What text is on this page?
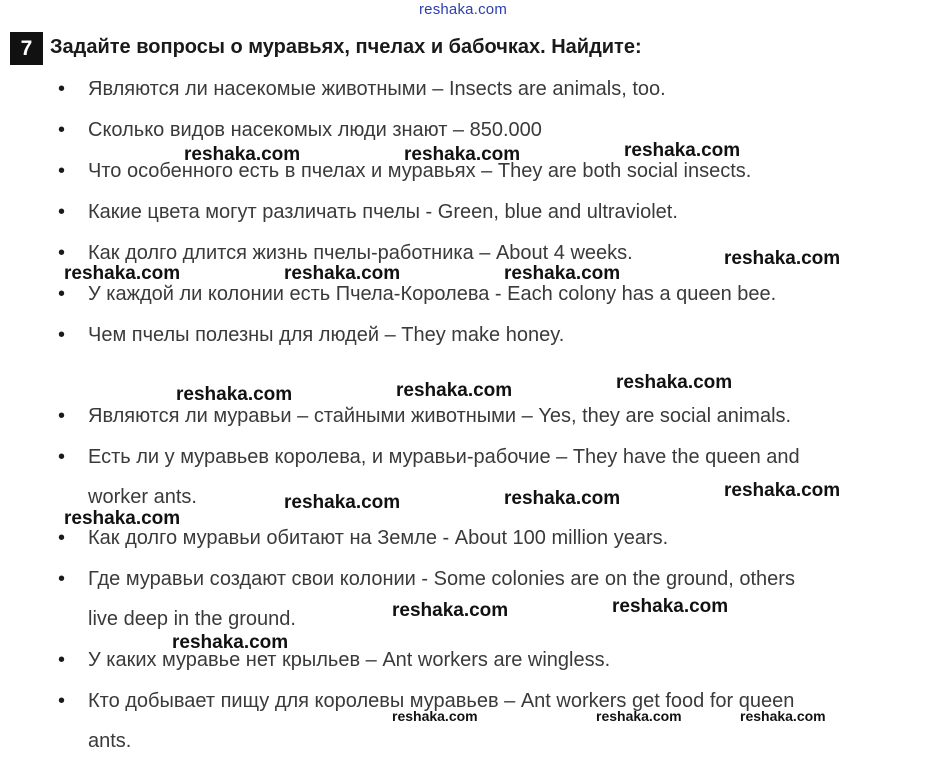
reshaka.com
7 Задайте вопросы о муравьях, пчелах и бабочках. Найдите:
• Являются ли насекомые животными – Insects are animals, too.
• Сколько видов насекомых люди знают – 850.000
• Что особенного есть в пчелах и муравьях – They are both social insects.
• Какие цвета могут различать пчелы - Green, blue and ultraviolet.
• Как долго длится жизнь пчелы-работника – About 4 weeks.
• У каждой ли колонии есть Пчела-Королева - Each colony has a queen bee.
• Чем пчелы полезны для людей – They make honey.
• Являются ли муравьи – стайными животными – Yes, they are social animals.
• Есть ли у муравьев королева, и муравьи-рабочие – They have the queen and
worker ants.
• Как долго муравьи обитают на Земле - About 100 million years.
• Где муравьи создают свои колонии - Some colonies are on the ground, others
live deep in the ground.
• У каких муравье нет крыльев – Ant workers are wingless.
• Кто добывает пищу для королевы муравьев – Ant workers get food for queen
ants.
reshaka.com	reshaka.com	reshaka.com
reshaka.com
reshaka.com	reshaka.com	reshaka.com
reshaka.com	reshaka.com	reshaka.com
reshaka.com	reshaka.com	reshaka.com
reshaka.com
reshaka.com	reshaka.com
reshaka.com
reshaka.com	reshaka.com	reshaka.com
